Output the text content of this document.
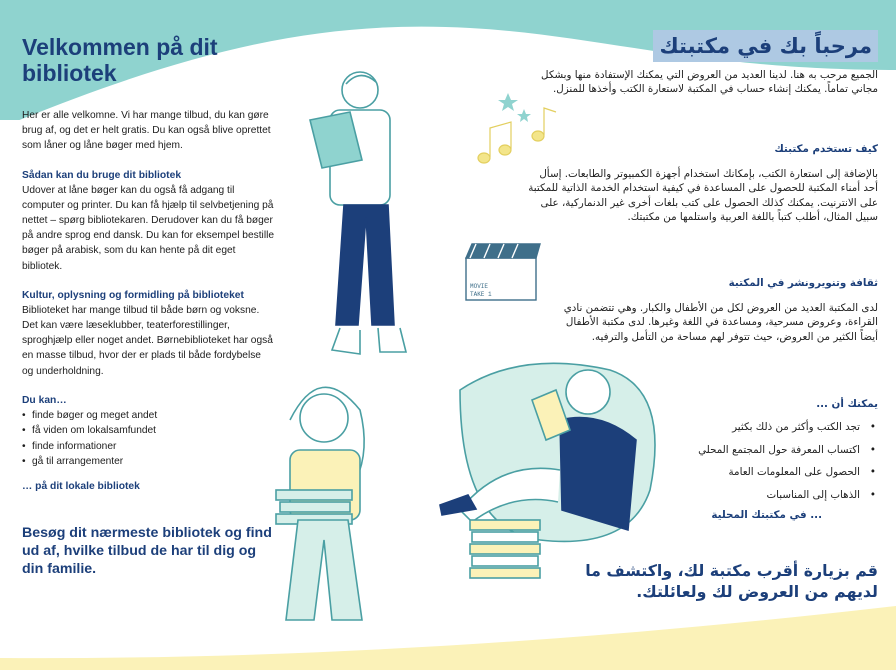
MOVIE
TAKE 1
Velkommen på dit bibliotek

Her er alle velkomne. Vi har mange tilbud, du kan gøre brug af, og det er helt gratis. Du kan også blive oprettet som låner og låne bøger med hjem.

Sådan kan du bruge dit bibliotek

Udover at låne bøger kan du også få adgang til computer og printer. Du kan få hjælp til selvbetjening på nettet – spørg bibliotekaren. Derudover kan du få bøger på andre sprog end dansk. Du kan for eksempel bestille bøger på arabisk, som du kan hente på dit eget bibliotek.

Kultur, oplysning og formidling på biblioteket

Biblioteket har mange tilbud til både børn og voksne. Det kan være læseklubber, teaterforestillinger, sproghjælp eller noget andet. Børnebiblioteket har også en masse tilbud, hvor der er plads til både fordybelse og underholdning.

Du kan…
• finde bøger og meget andet
• få viden om lokalsamfundet
• finde informationer
• gå til arrangementer
… på dit lokale bibliotek
Besøg dit nærmeste bibliotek og find ud af, hvilke tilbud de har til dig og din familie.
مرحباً بك في مكتبتك

الجميع مرحب به هنا. لدينا العديد من العروض التي يمكنك الإستفادة منها وبشكل مجاني تماماً. يمكنك إنشاء حساب في المكتبة لاستعارة الكتب وأخذها للمنزل.

كيف تستخدم مكتبتك

بالإضافة إلى استعارة الكتب، بإمكانك استخدام أجهزة الكمبيوتر والطابعات. إسأل أحد أمناء المكتبة للحصول على المساعدة في كيفية استخدام الخدمة الذاتية للمكتبة على الانترنيت. يمكنك كذلك الحصول على كتب بلغات أخرى غير الدنماركية، على سبيل المثال، أطلب كتباً باللغة العربية واستلمها من مكتبتك.

ثقافة وتنويرونشر في المكتبة

لدى المكتبة العديد من العروض لكل من الأطفال والكبار. وهي تتضمن نادي القراءة، وعروض مسرحية، ومساعدة في اللغة وغيرها. لدى مكتبة الأطفال أيضاً الكثير من العروض، حيث تتوفر لهم مساحة من التأمل والترفيه.

يمكنك أن ...
• تجد الكتب وأكثر من ذلك بكثير
• اكتساب المعرفة حول المجتمع المحلي
• الحصول على المعلومات العامة
• الذهاب إلى المناسبات
... في مكتبتك المحلية
قم بزيارة أقرب مكتبة لك، واكتشف ما لديهم من العروض لك ولعائلتك.
